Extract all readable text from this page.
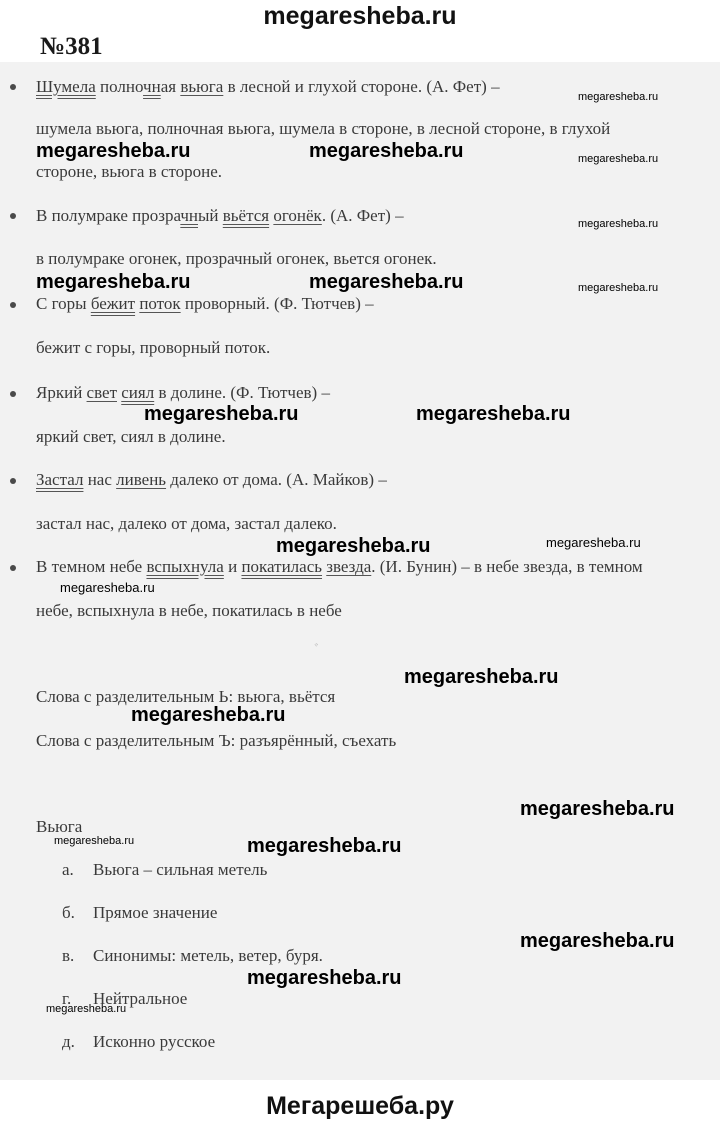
megaresheba.ru
№381
Шумела полночная вьюга в лесной и глухой стороне. (А. Фет) –
шумела вьюга, полночная вьюга, шумела в стороне, в лесной стороне, в глухой
стороне, вьюга в стороне.
В полумраке прозрачный вьётся огонёк. (А. Фет) –
в полумраке огонек, прозрачный огонек, вьется огонек.
С горы бежит поток проворный. (Ф. Тютчев) –
бежит с горы, проворный поток.
Яркий свет сиял в долине. (Ф. Тютчев) –
яркий свет, сиял в долине.
Застал нас ливень далеко от дома. (А. Майков) –
застал нас, далеко от дома, застал далеко.
В темном небе вспыхнула и покатилась звезда. (И. Бунин) – в небе звезда, в темном
небе, вспыхнула в небе, покатилась в небе
Слова с разделительным Ь: вьюга, вьётся
Слова с разделительным Ъ: разъярённый, съехать
Вьюга
а. Вьюга – сильная метель
б. Прямое значение
в. Синонимы: метель, ветер, буря.
г. Нейтральное
д. Исконно русское
ﾞ
megaresheba.ru	megaresheba.ru
megaresheba.ru	megaresheba.ru
megaresheba.ru	megaresheba.ru
megaresheba.ru
megaresheba.ru
megaresheba.ru
megaresheba.ru
megaresheba.ru
megaresheba.ru
megaresheba.ru
megaresheba.ru
megaresheba.ru
megaresheba.ru
megaresheba.ru
megaresheba.ru
megaresheba.ru
megaresheba.ru
megaresheba.ru
Мегарешеба.ру
